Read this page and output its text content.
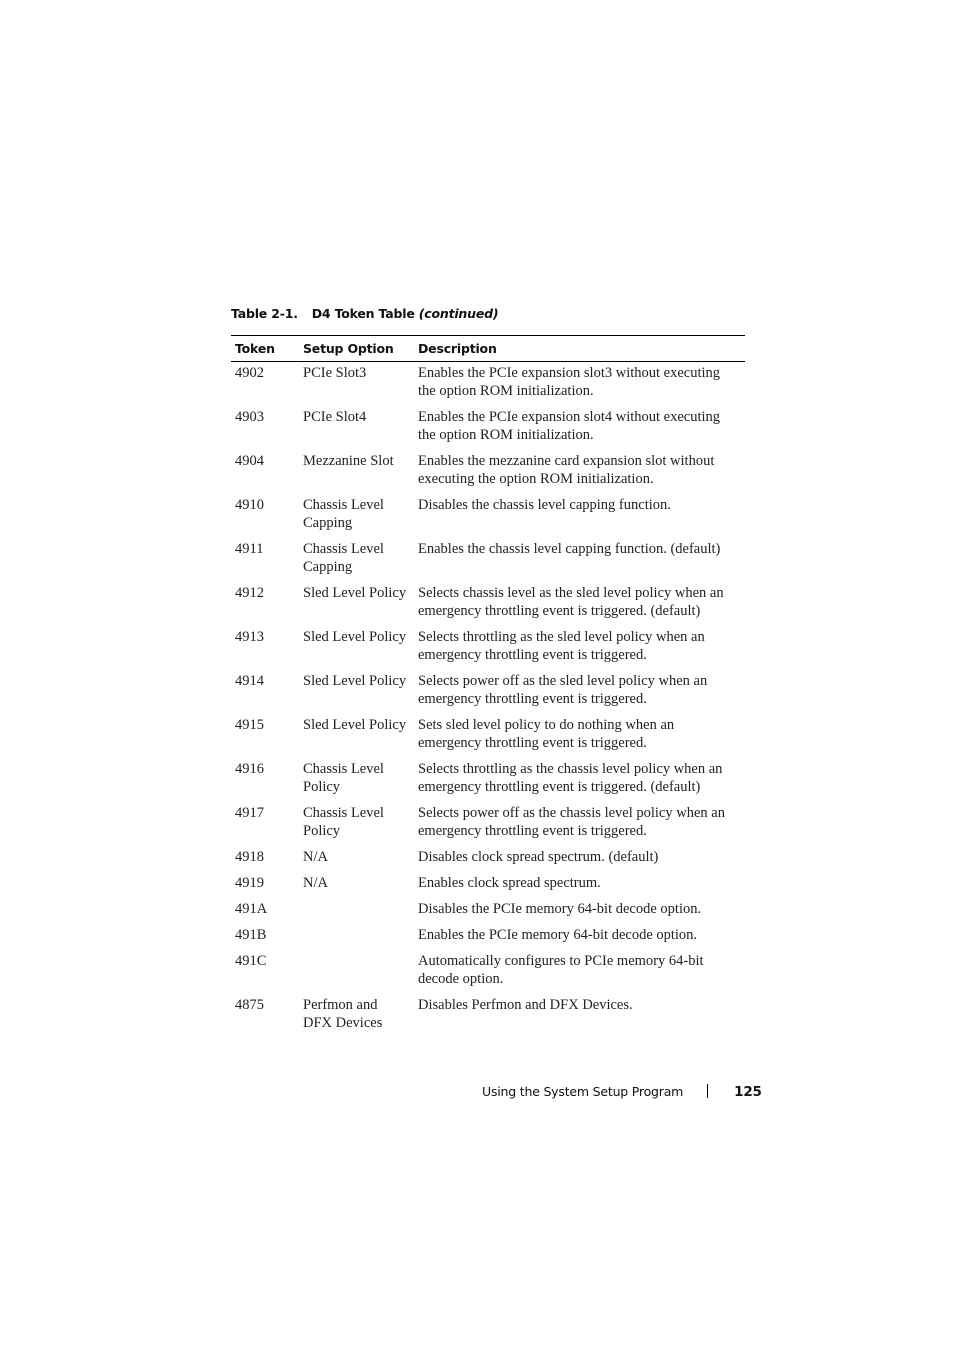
Table 2-1. D4 Token Table (continued)
Token	Setup Option	Description
4902	PCIe Slot3	Enables the PCIe expansion slot3 without executing the option ROM initialization.
4903	PCIe Slot4	Enables the PCIe expansion slot4 without executing the option ROM initialization.
4904	Mezzanine Slot	Enables the mezzanine card expansion slot without executing the option ROM initialization.
4910	Chassis Level Capping	Disables the chassis level capping function.
4911	Chassis Level Capping	Enables the chassis level capping function. (default)
4912	Sled Level Policy	Selects chassis level as the sled level policy when an emergency throttling event is triggered. (default)
4913	Sled Level Policy	Selects throttling as the sled level policy when an emergency throttling event is triggered.
4914	Sled Level Policy	Selects power off as the sled level policy when an emergency throttling event is triggered.
4915	Sled Level Policy	Sets sled level policy to do nothing when an emergency throttling event is triggered.
4916	Chassis Level Policy	Selects throttling as the chassis level policy when an emergency throttling event is triggered. (default)
4917	Chassis Level Policy	Selects power off as the chassis level policy when an emergency throttling event is triggered.
4918	N/A	Disables clock spread spectrum. (default)
4919	N/A	Enables clock spread spectrum.
491A		Disables the PCIe memory 64-bit decode option.
491B		Enables the PCIe memory 64-bit decode option.
491C		Automatically configures to PCIe memory 64-bit decode option.
4875	Perfmon and DFX Devices	Disables Perfmon and DFX Devices.
Using the System Setup Program	125
